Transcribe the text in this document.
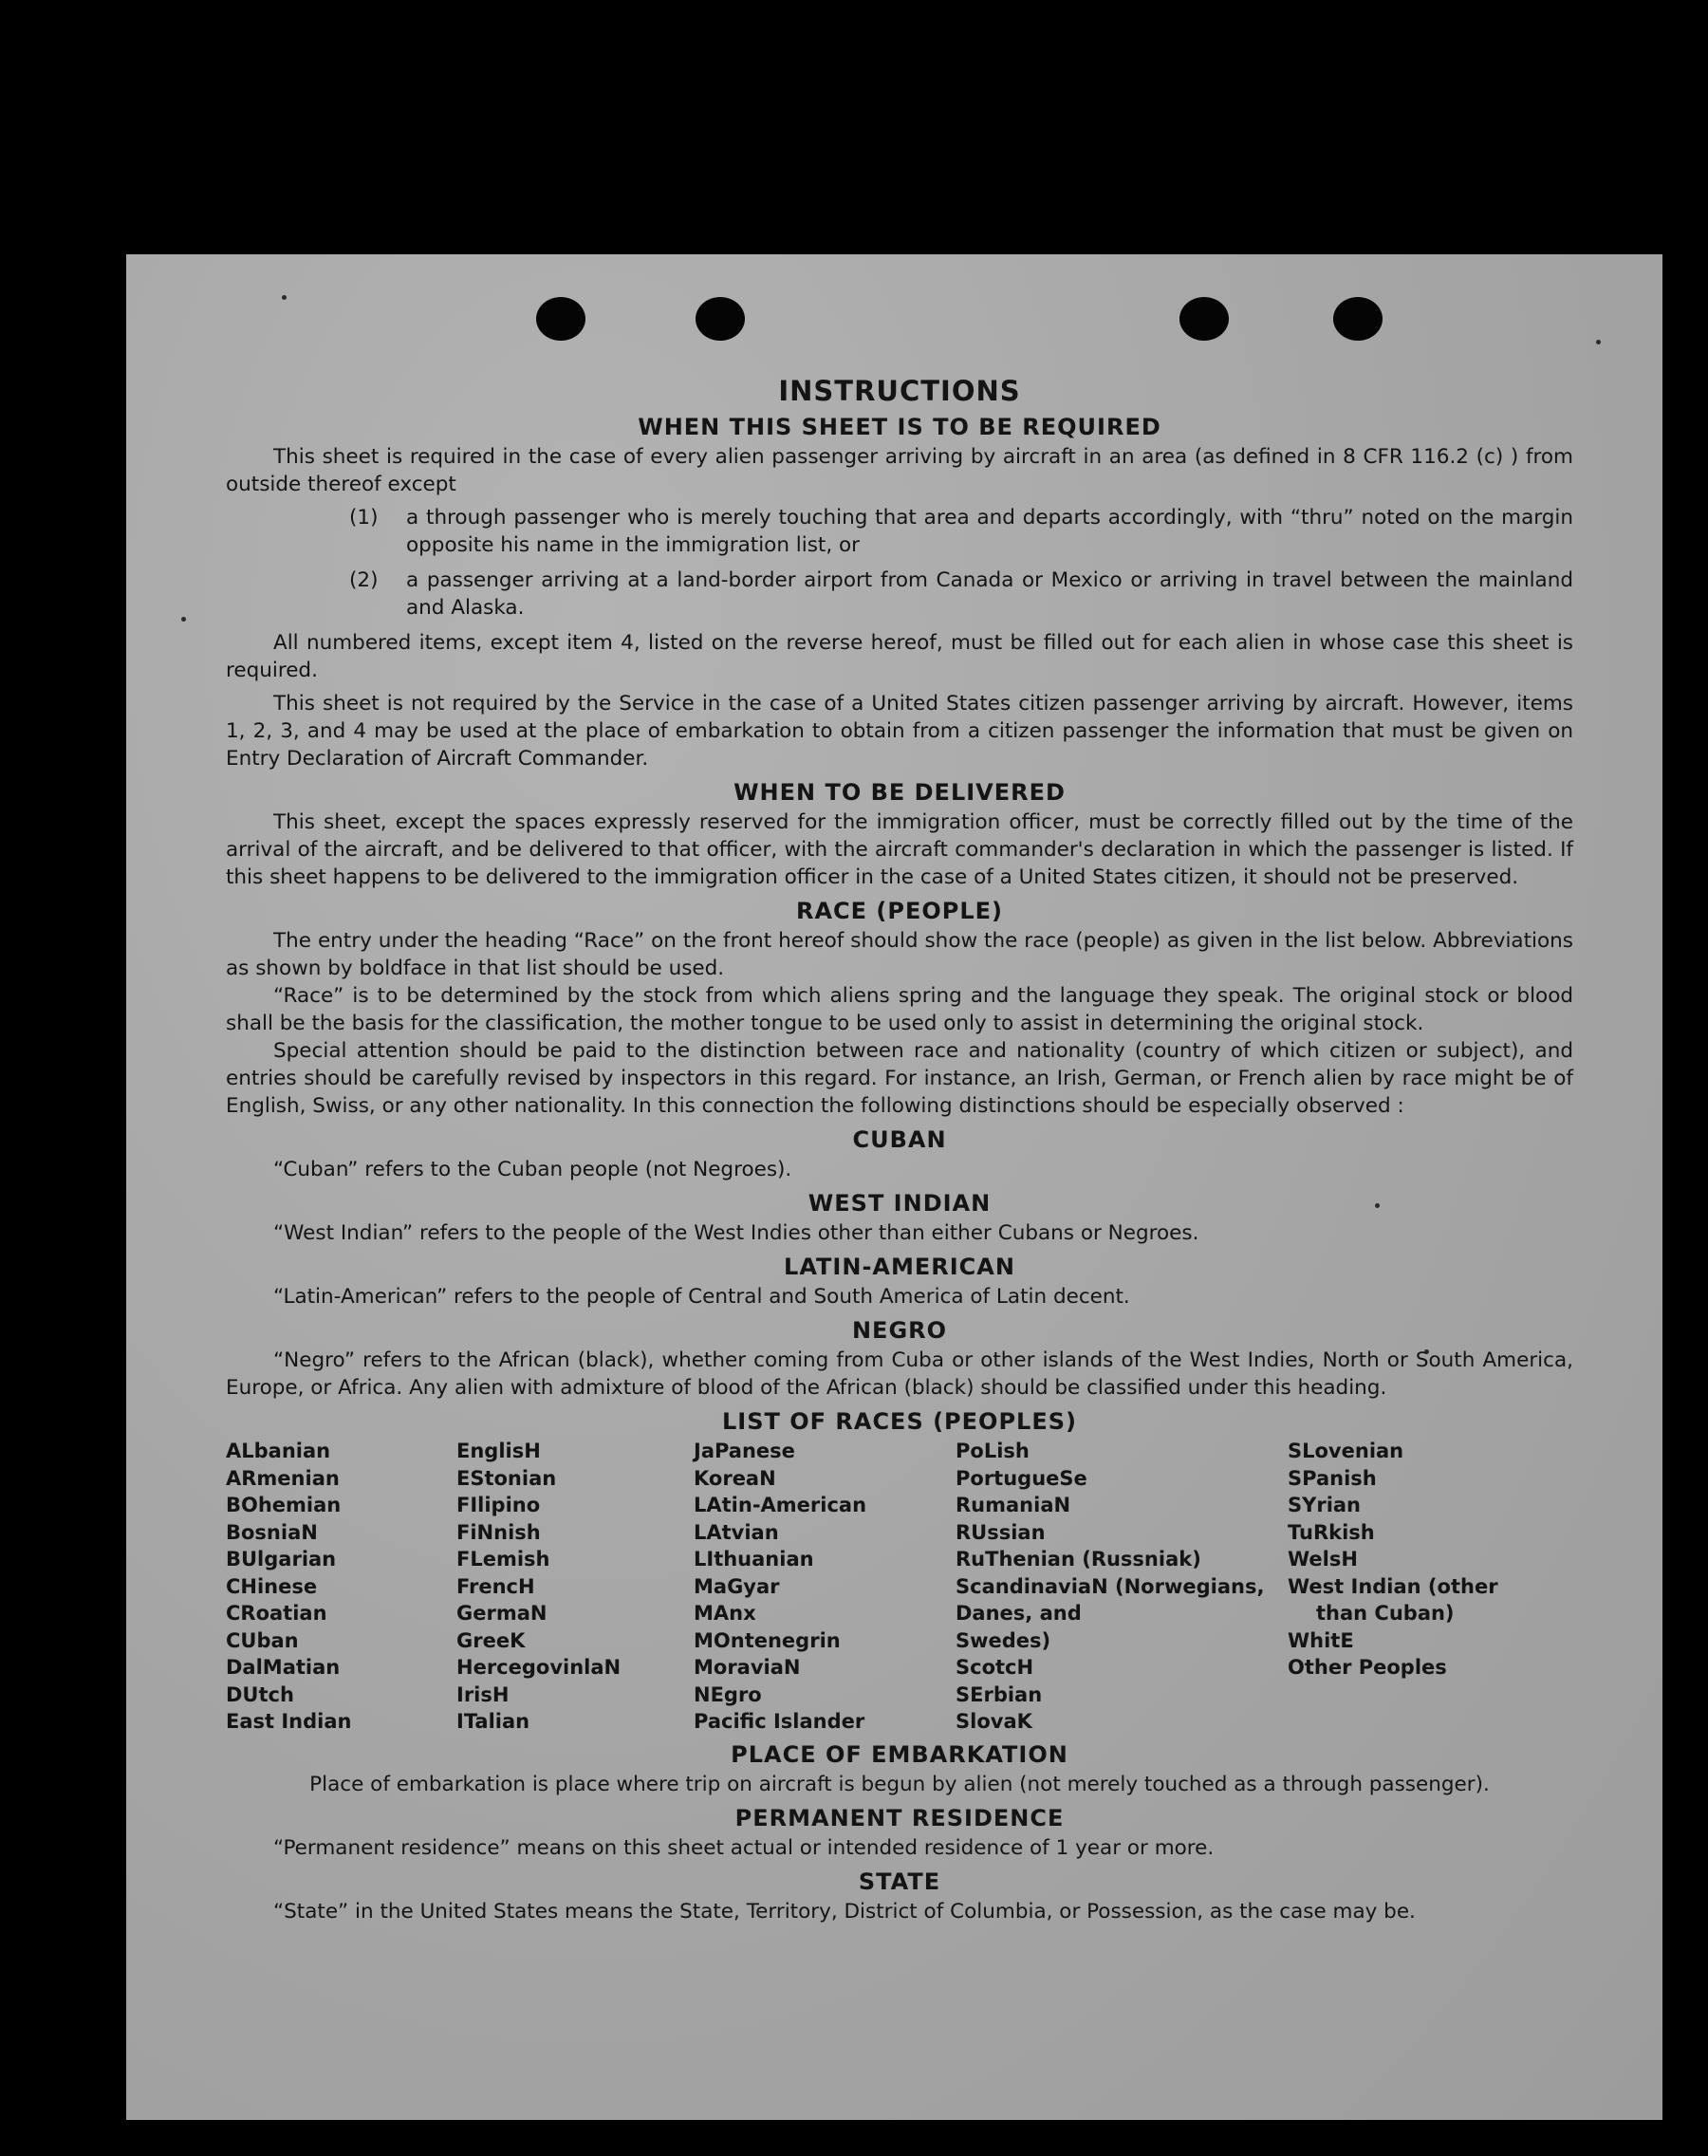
INSTRUCTIONS
WHEN THIS SHEET IS TO BE REQUIRED

This sheet is required in the case of every alien passenger arriving by aircraft in an area (as defined in 8 CFR 116.2 (c) ) from outside thereof except

(1)	a through passenger who is merely touching that area and departs accordingly, with “thru” noted on the margin opposite his name in the immigration list, or
(2)	a passenger arriving at a land-border airport from Canada or Mexico or arriving in travel between the mainland and Alaska.

All numbered items, except item 4, listed on the reverse hereof, must be filled out for each alien in whose case this sheet is required.

This sheet is not required by the Service in the case of a United States citizen passenger arriving by aircraft. However, items 1, 2, 3, and 4 may be used at the place of embarkation to obtain from a citizen passenger the information that must be given on Entry Declaration of Aircraft Commander.

WHEN TO BE DELIVERED

This sheet, except the spaces expressly reserved for the immigration officer, must be correctly filled out by the time of the arrival of the aircraft, and be delivered to that officer, with the aircraft commander's declaration in which the passenger is listed. If this sheet happens to be delivered to the immigration officer in the case of a United States citizen, it should not be preserved.

RACE (PEOPLE)

The entry under the heading “Race” on the front hereof should show the race (people) as given in the list below. Abbreviations as shown by boldface in that list should be used.

“Race” is to be determined by the stock from which aliens spring and the language they speak. The original stock or blood shall be the basis for the classification, the mother tongue to be used only to assist in determining the original stock.

Special attention should be paid to the distinction between race and nationality (country of which citizen or subject), and entries should be carefully revised by inspectors in this regard. For instance, an Irish, German, or French alien by race might be of English, Swiss, or any other nationality. In this connection the following distinctions should be especially observed :

CUBAN

“Cuban” refers to the Cuban people (not Negroes).

WEST INDIAN

“West Indian” refers to the people of the West Indies other than either Cubans or Negroes.

LATIN-AMERICAN

“Latin-American” refers to the people of Central and South America of Latin decent.

NEGRO

“Negro” refers to the African (black), whether coming from Cuba or other islands of the West Indies, North or South America, Europe, or Africa. Any alien with admixture of blood of the African (black) should be classified under this heading.

LIST OF RACES (PEOPLES)
ALbanian
ARmenian
BOhemian
BosniaN
BUlgarian
CHinese
CRoatian
CUban
DalMatian
DUtch
East Indian
EnglisH
EStonian
FIlipino
FiNnish
FLemish
FrencH
GermaN
GreeK
HercegovinlaN
IrisH
ITalian
JaPanese
KoreaN
LAtin-American
LAtvian
LIthuanian
MaGyar
MAnx
MOntenegrin
MoraviaN
NEgro
Pacific Islander
PoLish
PortugueSe
RumaniaN
RUssian
RuThenian (Russniak)
ScandinaviaN (Norwegians,
Danes, and
Swedes)
ScotcH
SErbian
SlovaK
SLovenian
SPanish
SYrian
TuRkish
WelsH
West Indian (other
than Cuban)
WhitE
Other Peoples
PLACE OF EMBARKATION

Place of embarkation is place where trip on aircraft is begun by alien (not merely touched as a through passenger).

PERMANENT RESIDENCE

“Permanent residence” means on this sheet actual or intended residence of 1 year or more.

STATE

“State” in the United States means the State, Territory, District of Columbia, or Possession, as the case may be.
